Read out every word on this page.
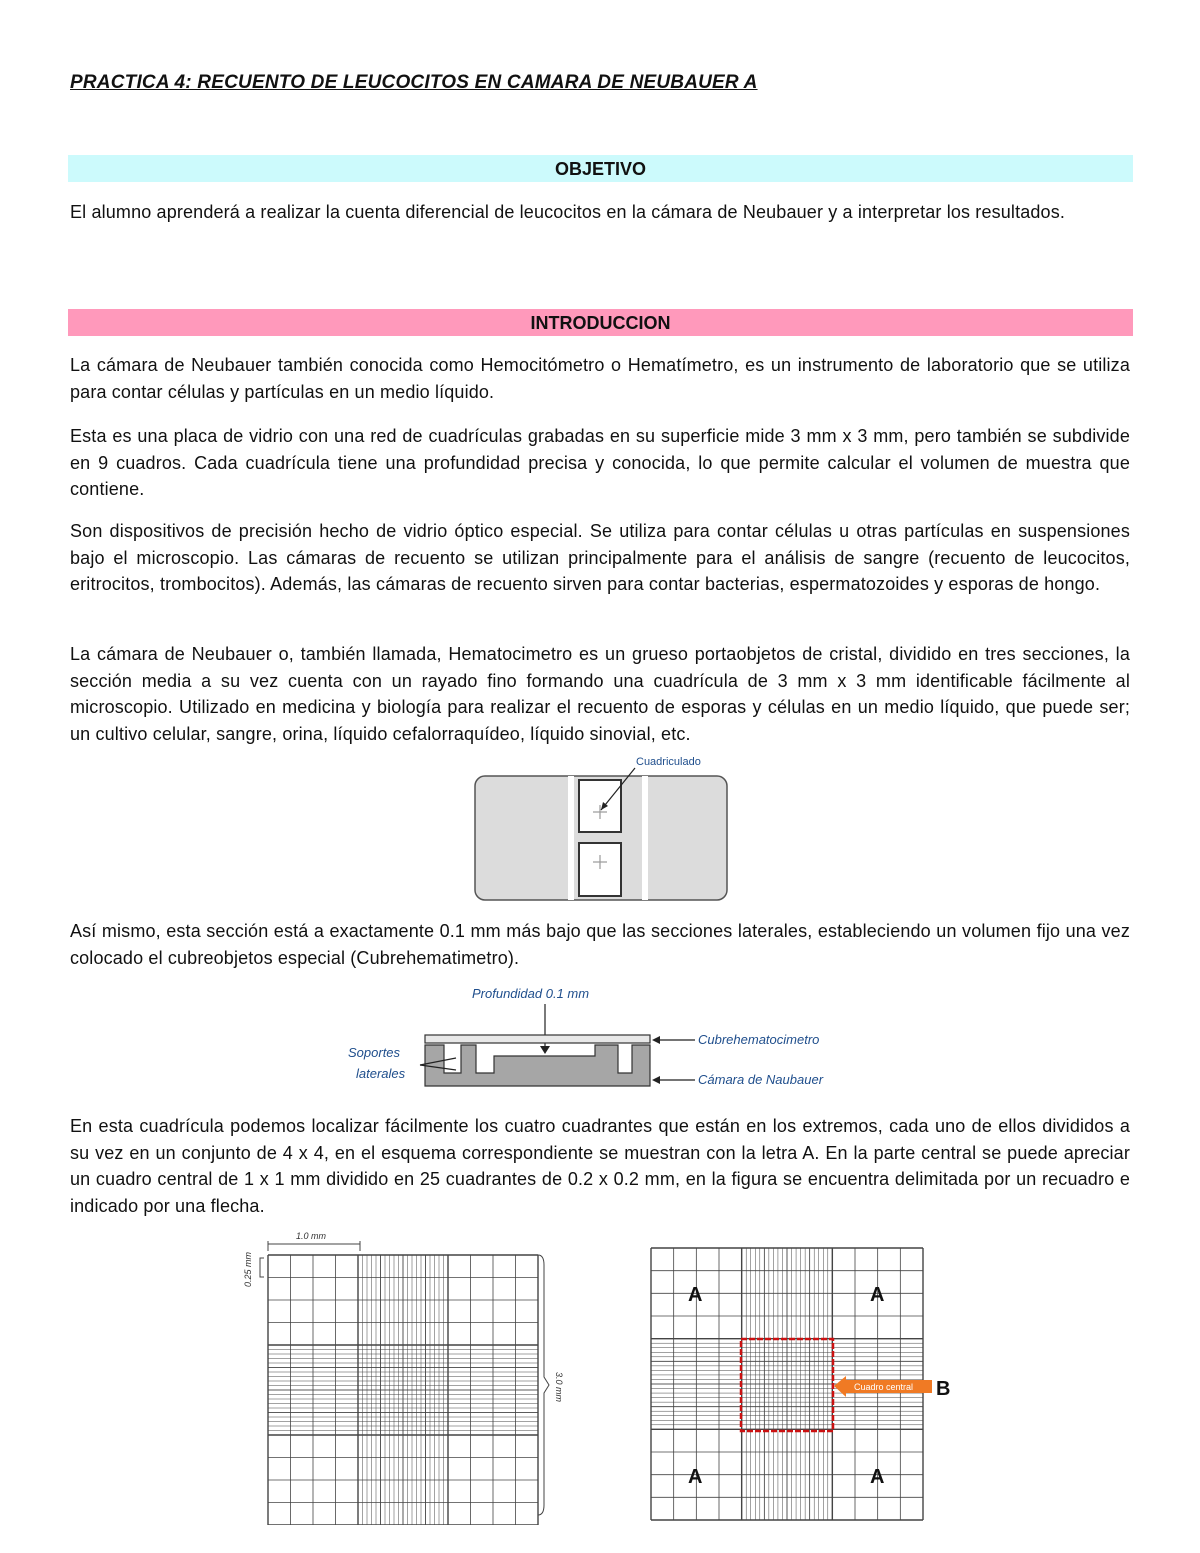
PRACTICA 4: RECUENTO DE LEUCOCITOS EN CAMARA DE NEUBAUER A
OBJETIVO
El alumno aprenderá a realizar la cuenta diferencial de leucocitos en la cámara de Neubauer y a interpretar los resultados.
INTRODUCCION
La cámara de Neubauer también conocida como Hemocitómetro o Hematímetro, es un instrumento de laboratorio que se utiliza para contar células y partículas en un medio líquido.
Esta es una placa de vidrio con una red de cuadrículas grabadas en su superficie mide 3 mm x 3 mm, pero también se subdivide en 9 cuadros. Cada cuadrícula tiene una profundidad precisa y conocida, lo que permite calcular el volumen de muestra que contiene.
Son dispositivos de precisión hecho de vidrio óptico especial. Se utiliza para contar células u otras partículas en suspensiones bajo el microscopio. Las cámaras de recuento se utilizan principalmente para el análisis de sangre (recuento de leucocitos, eritrocitos, trombocitos). Además, las cámaras de recuento sirven para contar bacterias, espermatozoides y esporas de hongo.
La cámara de Neubauer o, también llamada, Hematocimetro es un grueso portaobjetos de cristal, dividido en tres secciones, la sección media a su vez cuenta con un rayado fino formando una cuadrícula de 3 mm x 3 mm identificable fácilmente al microscopio. Utilizado en medicina y biología para realizar el recuento de esporas y células en un medio líquido, que puede ser; un cultivo celular, sangre, orina, líquido cefalorraquídeo, líquido sinovial, etc.
Cuadriculado
Así mismo, esta sección está a exactamente 0.1 mm más bajo que las secciones laterales, estableciendo un volumen fijo una vez colocado el cubreobjetos especial (Cubrehematimetro).
Profundidad 0.1 mm
Soportes
laterales
Cubrehematocimetro
Cámara de Naubauer
En esta cuadrícula podemos localizar fácilmente los cuatro cuadrantes que están en los extremos, cada uno de ellos divididos a su vez en un conjunto de 4 x 4, en el esquema correspondiente se muestran con la letra A. En la parte central se puede apreciar un cuadro central de 1 x 1 mm dividido en 25 cuadrantes de 0.2 x 0.2 mm, en la figura se encuentra delimitada por un recuadro e indicado por una flecha.
1.0 mm
0.25 mm
3.0 mm
A	A
A	A
Cuadro central B
